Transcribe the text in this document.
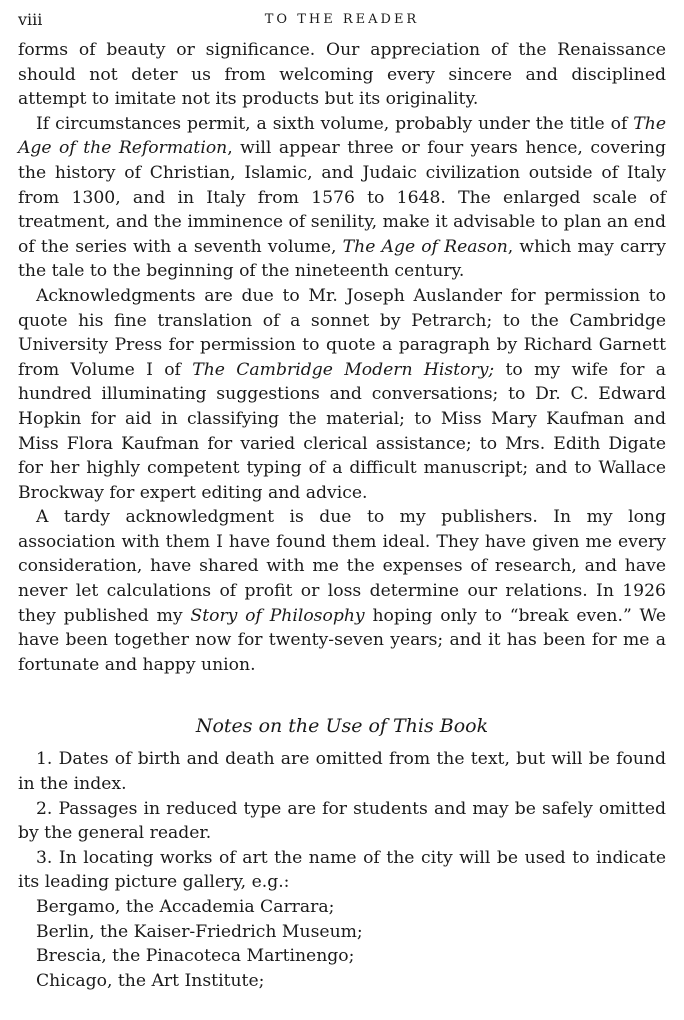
viii	TO THE READER

forms of beauty or significance. Our appreciation of the Renaissance should not deter us from welcoming every sincere and disciplined attempt to imitate not its products but its originality.

If circumstances permit, a sixth volume, probably under the title of The Age of the Reformation, will appear three or four years hence, covering the history of Christian, Islamic, and Judaic civilization outside of Italy from 1300, and in Italy from 1576 to 1648. The enlarged scale of treatment, and the imminence of senility, make it advisable to plan an end of the series with a seventh volume, The Age of Reason, which may carry the tale to the beginning of the nineteenth century.

Acknowledgments are due to Mr. Joseph Auslander for permission to quote his fine translation of a sonnet by Petrarch; to the Cambridge University Press for permission to quote a paragraph by Richard Garnett from Volume I of The Cambridge Modern History; to my wife for a hundred illuminating suggestions and conversations; to Dr. C. Edward Hopkin for aid in classifying the material; to Miss Mary Kaufman and Miss Flora Kaufman for varied clerical assistance; to Mrs. Edith Digate for her highly competent typing of a difficult manuscript; and to Wallace Brockway for expert editing and advice.

A tardy acknowledgment is due to my publishers. In my long association with them I have found them ideal. They have given me every consideration, have shared with me the expenses of research, and have never let calculations of profit or loss determine our relations. In 1926 they published my Story of Philosophy hoping only to “break even.” We have been together now for twenty-seven years; and it has been for me a fortunate and happy union.

Notes on the Use of This Book

1. Dates of birth and death are omitted from the text, but will be found in the index.

2. Passages in reduced type are for students and may be safely omitted by the general reader.

3. In locating works of art the name of the city will be used to indicate its leading picture gallery, e.g.:

Bergamo, the Accademia Carrara;
Berlin, the Kaiser-Friedrich Museum;
Brescia, the Pinacoteca Martinengo;
Chicago, the Art Institute;
